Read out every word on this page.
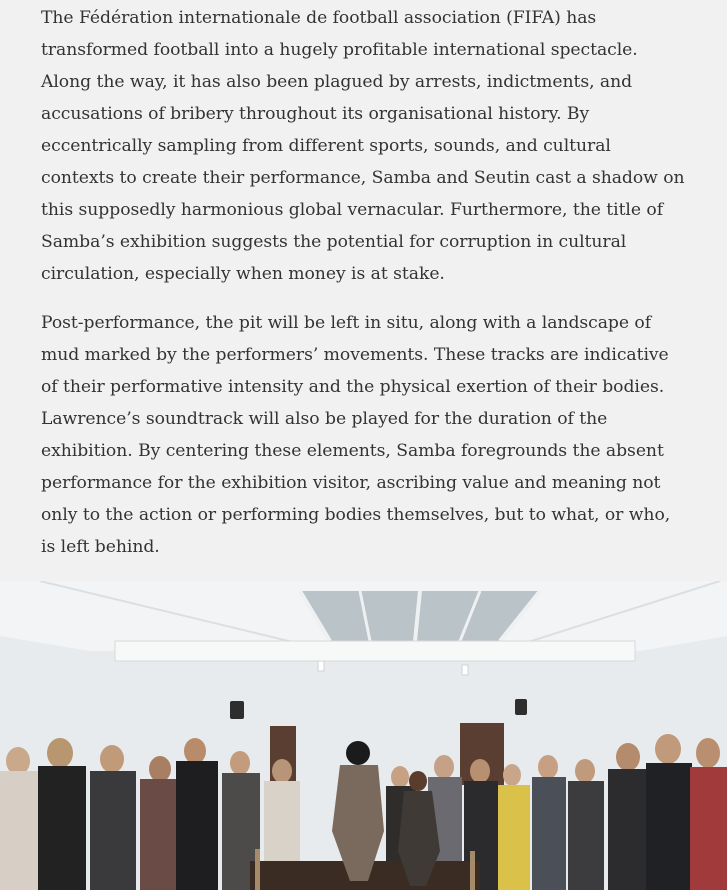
The Fédération internationale de football association (FIFA) has transformed football into a hugely profitable international spectacle. Along the way, it has also been plagued by arrests, indictments, and accusations of bribery throughout its organisational history. By eccentrically sampling from different sports, sounds, and cultural contexts to create their performance, Samba and Seutin cast a shadow on this supposedly harmonious global vernacular. Furthermore, the title of Samba’s exhibition suggests the potential for corruption in cultural circulation, especially when money is at stake.

Post-performance, the pit will be left in situ, along with a landscape of mud marked by the performers’ movements. These tracks are indicative of their performative intensity and the physical exertion of their bodies. Lawrence’s soundtrack will also be played for the duration of the exhibition. By centering these elements, Samba foregrounds the absent performance for the exhibition visitor, ascribing value and meaning not only to the action or performing bodies themselves, but to what, or who, is left behind.
